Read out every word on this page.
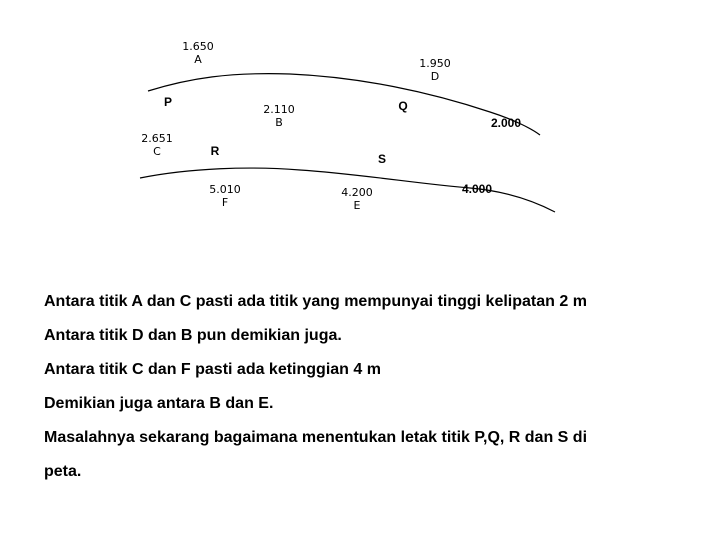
1.650
A	1.950
D
2.110
B
2.651
C
5.010
F
4.200
E
P	Q
R
S
2.000
4.000

Antara titik A dan C pasti ada titik yang mempunyai tinggi kelipatan 2 m

Antara titik D dan B pun demikian juga.

Antara titik C dan F pasti ada ketinggian 4 m

Demikian juga antara B dan E.

Masalahnya sekarang bagaimana menentukan letak titik P,Q, R dan S di

peta.
